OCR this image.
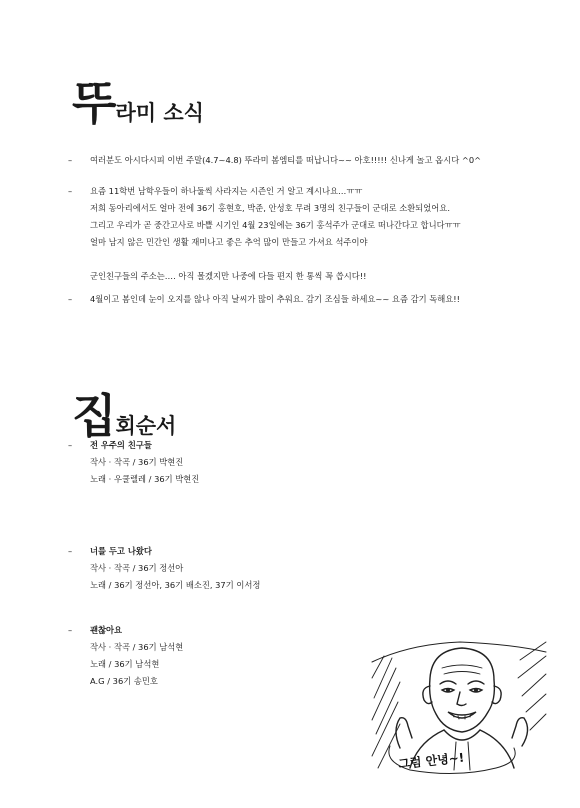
뚜 라미 소식
– 여러분도 아시다시피 이번 주말(4.7~4.8) 뚜라미 봄엠티를 떠납니다~~ 아호!!!!! 신나게 놀고 옵시다 ^0^
– 요즘 11학번 남학우들이 하나둘씩 사라지는 시즌인 거 알고 계시나요…ㅠㅠ
저희 동아리에서도 얼마 전에 36기 홍현호, 박준, 안성호 무려 3명의 친구들이 군대로 소환되었어요.
그리고 우리가 곧 중간고사로 바쁠 시기인 4월 23일에는 36기 홍석주가 군대로 떠나간다고 합니다ㅠㅠ
얼마 남지 않은 민간인 생활 재미나고 좋은 추억 많이 만들고 가셔요 석주이야
군인친구들의 주소는…. 아직 몰겠지만 나중에 다들 편지 한 통씩 꼭 씁시다!!
– 4월이고 봄인데 눈이 오지를 않나 아직 날씨가 많이 추워요. 감기 조심들 하세요~~ 요즘 감기 독해요!!
집 회순서
– 전 우주의 친구들
작사 · 작곡 / 36기 박현진
노래 · 우쿨렐레 / 36기 박현진
– 너를 두고 나왔다
작사 · 작곡 / 36기 정선아
노래 / 36기 정선아, 36기 배소진, 37기 이서정
– 괜찮아요
작사 · 작곡 / 36기 남석현
노래 / 36기 남석현
A.G / 36기 송민호
그럼 안녕~!
